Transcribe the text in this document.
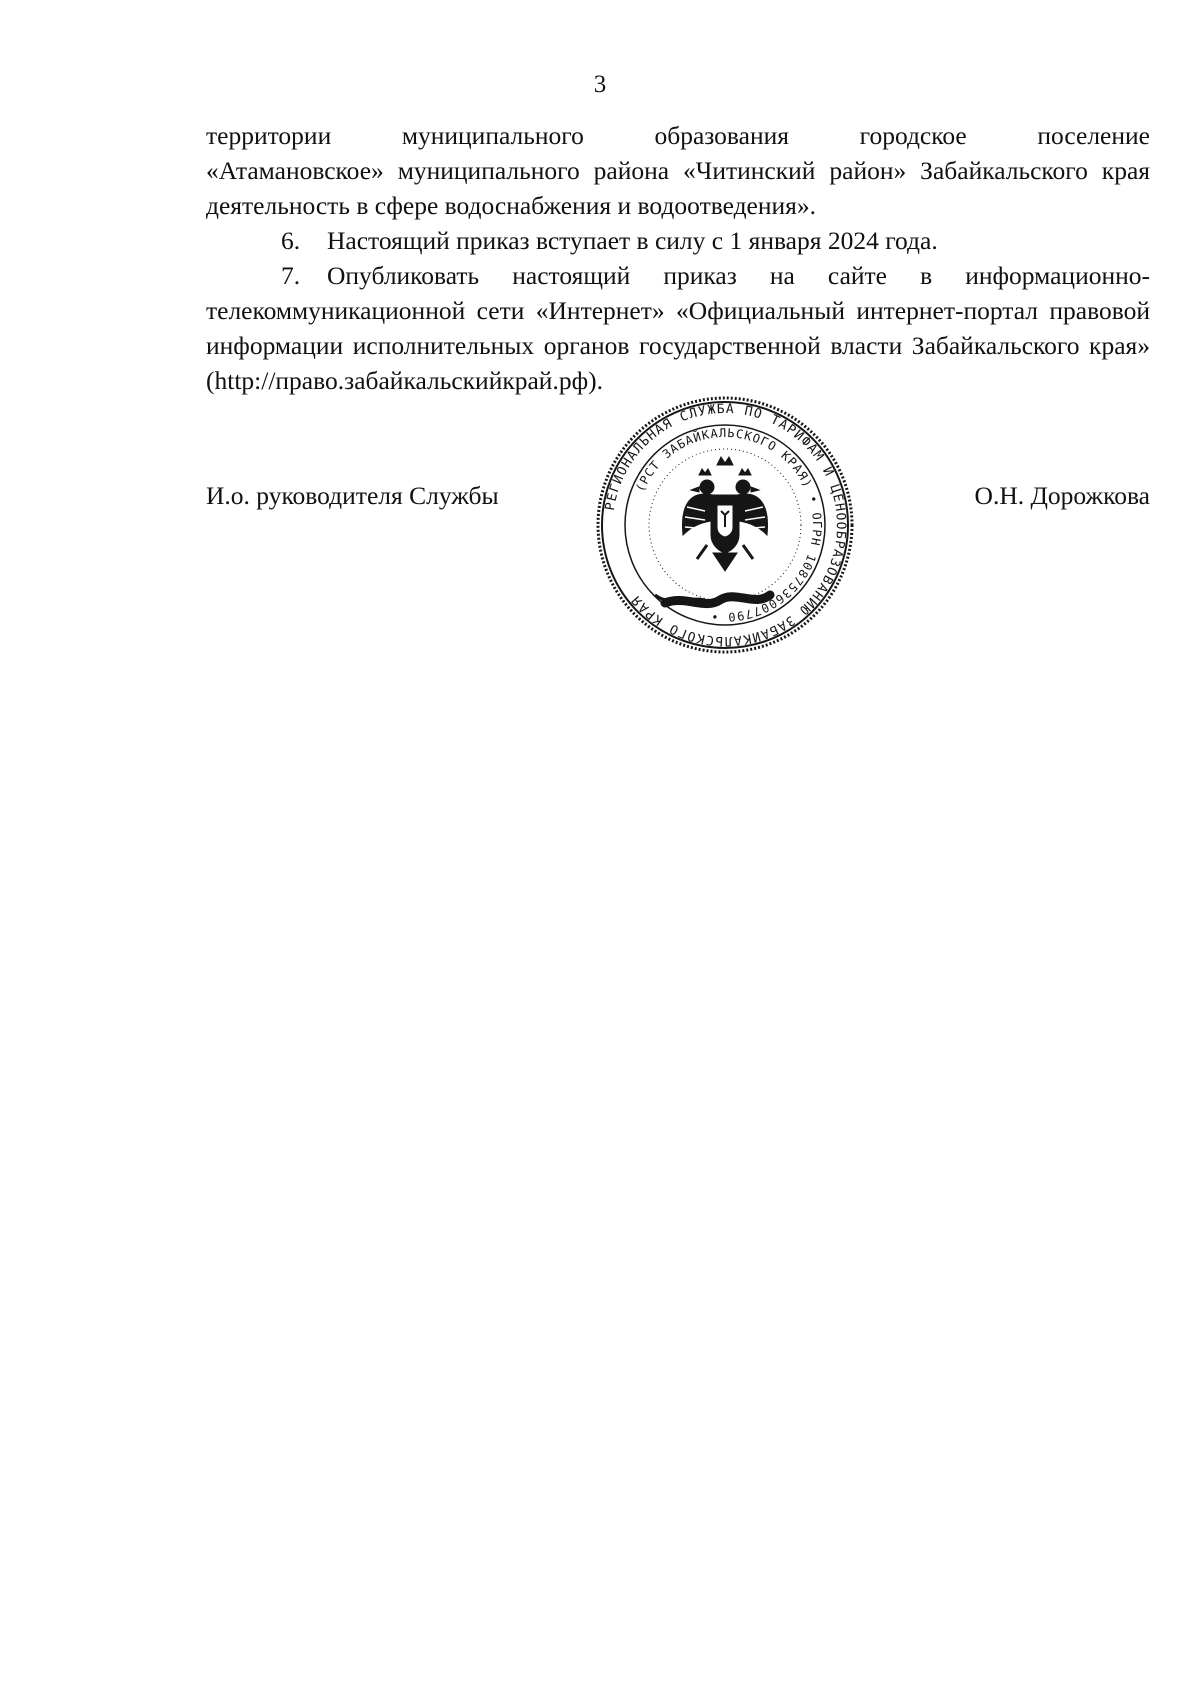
3

территории муниципального образования городское поселение

«Атамановское» муниципального района «Читинский район» Забайкальского края деятельность в сфере водоснабжения и водоотведения».

6. Настоящий приказ вступает в силу с 1 января 2024 года.

7. Опубликовать настоящий приказ на сайте в информационно-телекоммуникационной сети «Интернет» «Официальный интернет-портал правовой информации исполнительных органов государственной власти Забайкальского края» (http://право.забайкальскийкрай.рф).

И.о. руководителя Службы	О.Н. Дорожкова
РЕГИОНАЛЬНАЯ СЛУЖБА ПО ТАРИФАМ И ЦЕНООБРАЗОВАНИЮ ЗАБАЙКАЛЬСКОГО КРАЯ
(РСТ ЗАБАЙКАЛЬСКОГО КРАЯ) • ОГРН 1087536007790 •
